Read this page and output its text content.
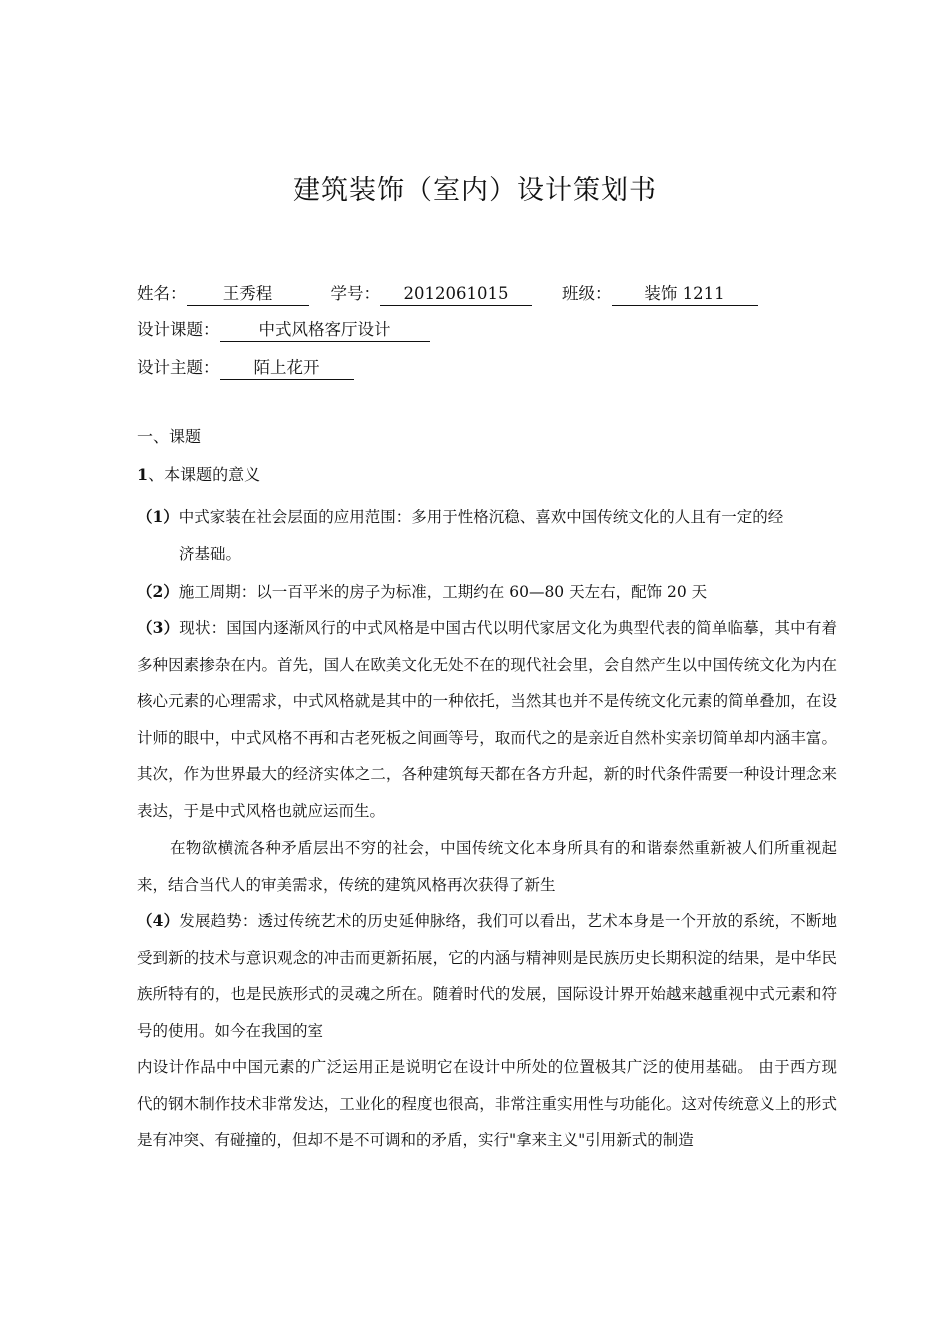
建筑装饰（室内）设计策划书
姓名： 王秀程	学号： 2012061015	班级： 装饰 1211
设计课题： 中式风格客厅设计
设计主题： 陌上花开
一、课题
1、本课题的意义
（1）中式家装在社会层面的应用范围：多用于性格沉稳、喜欢中国传统文化的人且有一定的经
济基础。
（2）施工周期：以一百平米的房子为标准，工期约在 60—80 天左右，配饰 20 天
（3）现状：国国内逐渐风行的中式风格是中国古代以明代家居文化为典型代表的简单临摹，其中有着多种因素掺杂在内。首先，国人在欧美文化无处不在的现代社会里，会自然产生以中国传统文化为内在核心元素的心理需求，中式风格就是其中的一种依托，当然其也并不是传统文化元素的简单叠加，在设计师的眼中，中式风格不再和古老死板之间画等号，取而代之的是亲近自然朴实亲切简单却内涵丰富。其次，作为世界最大的经济实体之二，各种建筑每天都在各方升起，新的时代条件需要一种设计理念来表达，于是中式风格也就应运而生。
在物欲横流各种矛盾层出不穷的社会，中国传统文化本身所具有的和谐泰然重新被人们所重视起来，结合当代人的审美需求，传统的建筑风格再次获得了新生
（4）发展趋势：透过传统艺术的历史延伸脉络，我们可以看出，艺术本身是一个开放的系统，不断地受到新的技术与意识观念的冲击而更新拓展，它的内涵与精神则是民族历史长期积淀的结果，是中华民族所特有的，也是民族形式的灵魂之所在。随着时代的发展，国际设计界开始越来越重视中式元素和符号的使用。如今在我国的室
内设计作品中中国元素的广泛运用正是说明它在设计中所处的位置极其广泛的使用基础。 由于西方现代的钢木制作技术非常发达，工业化的程度也很高，非常注重实用性与功能化。这对传统意义上的形式是有冲突、有碰撞的，但却不是不可调和的矛盾，实行"拿来主义"引用新式的制造
